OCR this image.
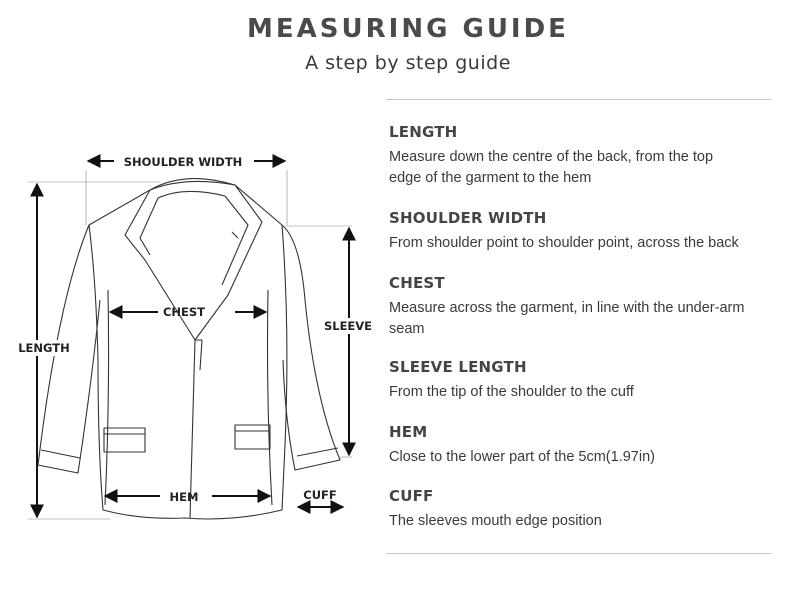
MEASURING GUIDE
A step by step guide
SHOULDER WIDTH
LENGTH
CHEST
SLEEVE
HEM	CUFF
LENGTH

Measure down the centre of the back, from the top
edge of the garment to the hem

SHOULDER WIDTH

From shoulder point to shoulder point, across the back

CHEST

Measure across the garment, in line with the under-arm
seam

SLEEVE LENGTH

From the tip of the shoulder to the cuff

HEM

Close to the lower part of the 5cm(1.97in)

CUFF

The sleeves mouth edge position
